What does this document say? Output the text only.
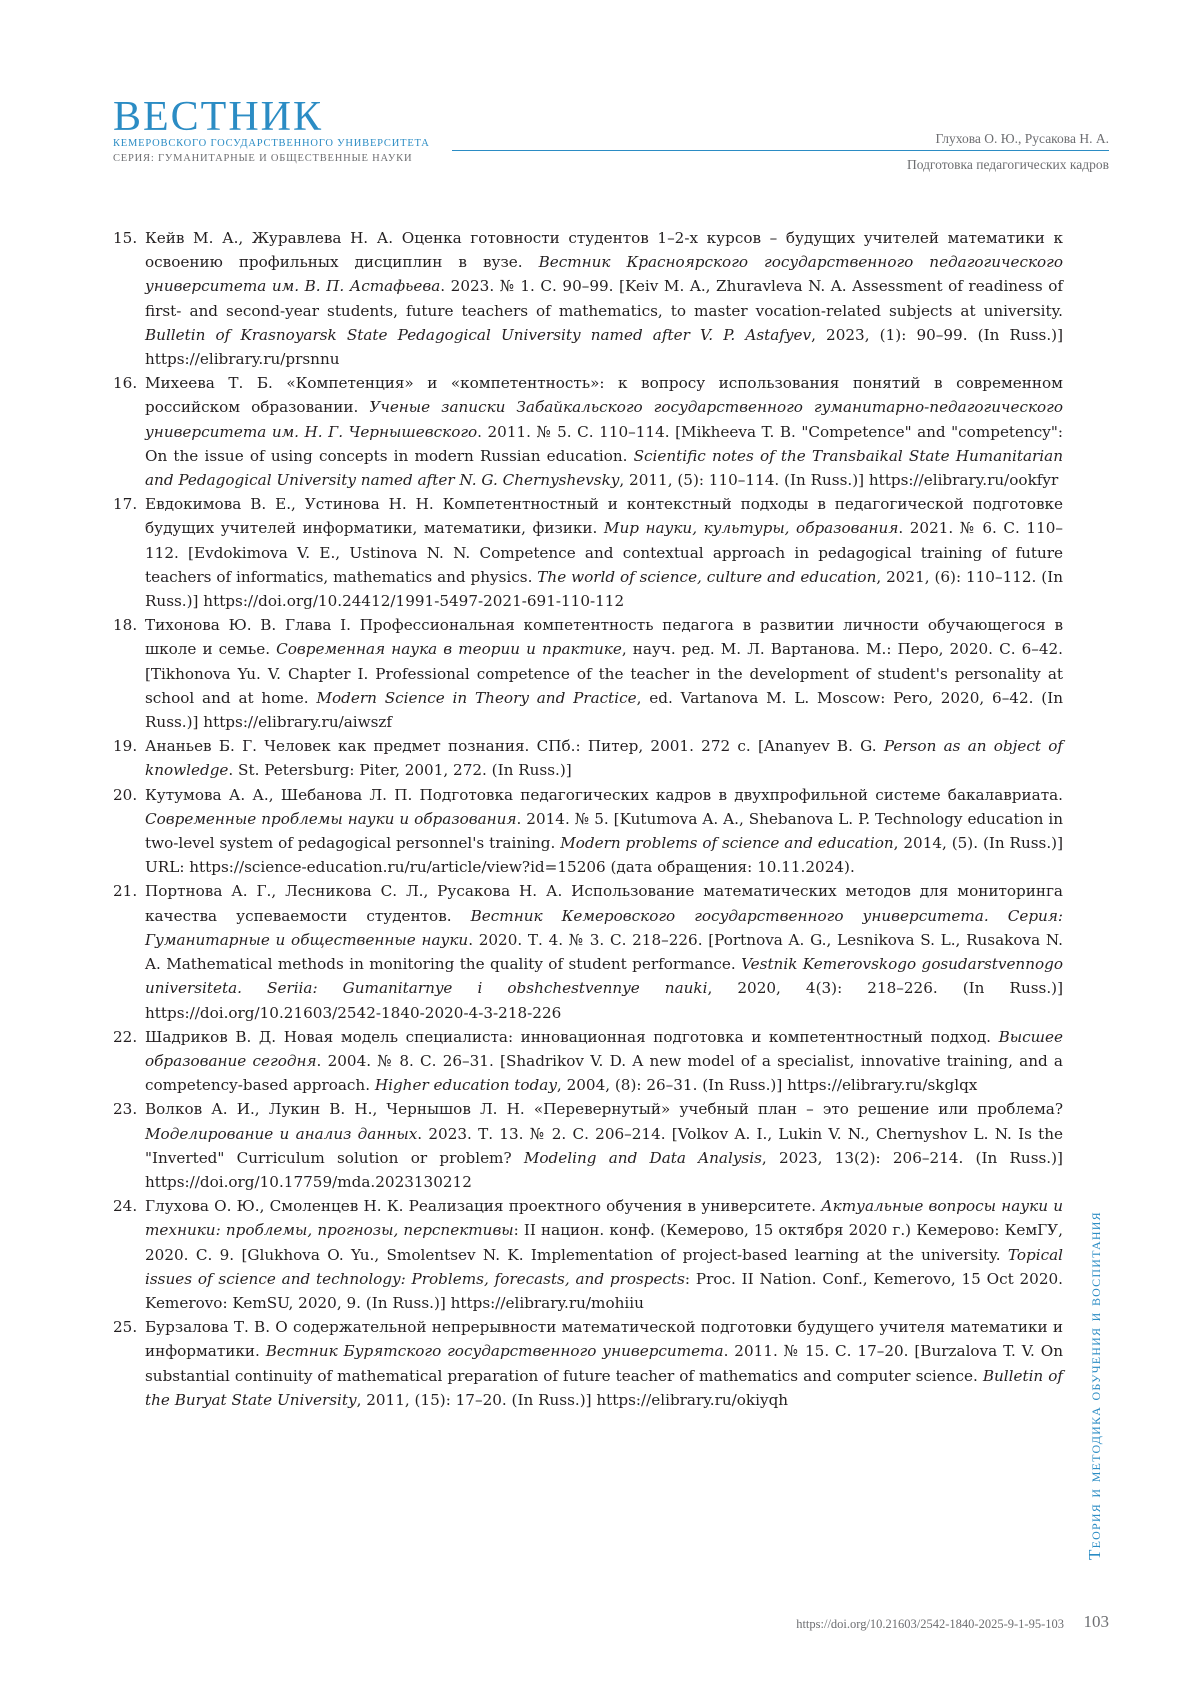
ВЕСТНИК
КЕМЕРОВСКОГО ГОСУДАРСТВЕННОГО УНИВЕРСИТЕТА
СЕРИЯ: ГУМАНИТАРНЫЕ И ОБЩЕСТВЕННЫЕ НАУКИ
Глухова О. Ю., Русакова Н. А.
Подготовка педагогических кадров
15. Кейв М. А., Журавлева Н. А. Оценка готовности студентов 1–2-х курсов – будущих учителей математики к освоению профильных дисциплин в вузе. Вестник Красноярского государственного педагогического университета им. В. П. Астафьева. 2023. № 1. С. 90–99. [Keiv M. A., Zhuravleva N. A. Assessment of readiness of first- and second-year students, future teachers of mathematics, to master vocation-related subjects at university. Bulletin of Krasnoyarsk State Pedagogical University named after V. P. Astafyev, 2023, (1): 90–99. (In Russ.)] https://elibrary.ru/prsnnu
16. Михеева Т. Б. «Компетенция» и «компетентность»: к вопросу использования понятий в современном российском образовании. Ученые записки Забайкальского государственного гуманитарно-педагогического университета им. Н. Г. Чернышевского. 2011. № 5. С. 110–114. [Mikheeva T. B. "Competence" and "competency": On the issue of using concepts in modern Russian education. Scientific notes of the Transbaikal State Humanitarian and Pedagogical University named after N. G. Chernyshevsky, 2011, (5): 110–114. (In Russ.)] https://elibrary.ru/ookfyr
17. Евдокимова В. Е., Устинова Н. Н. Компетентностный и контекстный подходы в педагогической подготовке будущих учителей информатики, математики, физики. Мир науки, культуры, образования. 2021. № 6. С. 110–112. [Evdokimova V. E., Ustinova N. N. Competence and contextual approach in pedagogical training of future teachers of informatics, mathematics and physics. The world of science, culture and education, 2021, (6): 110–112. (In Russ.)] https://doi.org/10.24412/1991-5497-2021-691-110-112
18. Тихонова Ю. В. Глава I. Профессиональная компетентность педагога в развитии личности обучающегося в школе и семье. Современная наука в теории и практике, науч. ред. М. Л. Вартанова. М.: Перо, 2020. С. 6–42. [Tikhonova Yu. V. Chapter I. Professional competence of the teacher in the development of student's personality at school and at home. Modern Science in Theory and Practice, ed. Vartanova M. L. Moscow: Pero, 2020, 6–42. (In Russ.)] https://elibrary.ru/aiwszf
19. Ананьев Б. Г. Человек как предмет познания. СПб.: Питер, 2001. 272 с. [Ananyev B. G. Person as an object of knowledge. St. Petersburg: Piter, 2001, 272. (In Russ.)]
20. Кутумова А. А., Шебанова Л. П. Подготовка педагогических кадров в двухпрофильной системе бакалавриата. Современные проблемы науки и образования. 2014. № 5. [Kutumova A. A., Shebanova L. P. Technology education in two-level system of pedagogical personnel's training. Modern problems of science and education, 2014, (5). (In Russ.)] URL: https://science-education.ru/ru/article/view?id=15206 (дата обращения: 10.11.2024).
21. Портнова А. Г., Лесникова С. Л., Русакова Н. А. Использование математических методов для мониторинга качества успеваемости студентов. Вестник Кемеровского государственного университета. Серия: Гуманитарные и общественные науки. 2020. Т. 4. № 3. С. 218–226. [Portnova A. G., Lesnikova S. L., Rusakova N. A. Mathematical methods in monitoring the quality of student performance. Vestnik Kemerovskogo gosudarstvennogo universiteta. Seriia: Gumanitarnye i obshchestvennye nauki, 2020, 4(3): 218–226. (In Russ.)] https://doi.org/10.21603/2542-1840-2020-4-3-218-226
22. Шадриков В. Д. Новая модель специалиста: инновационная подготовка и компетентностный подход. Высшее образование сегодня. 2004. № 8. С. 26–31. [Shadrikov V. D. A new model of a specialist, innovative training, and a competency-based approach. Higher education today, 2004, (8): 26–31. (In Russ.)] https://elibrary.ru/skglqx
23. Волков А. И., Лукин В. Н., Чернышов Л. Н. «Перевернутый» учебный план – это решение или проблема? Моделирование и анализ данных. 2023. Т. 13. № 2. С. 206–214. [Volkov A. I., Lukin V. N., Chernyshov L. N. Is the "Inverted" Curriculum solution or problem? Modeling and Data Analysis, 2023, 13(2): 206–214. (In Russ.)] https://doi.org/10.17759/mda.2023130212
24. Глухова О. Ю., Смоленцев Н. К. Реализация проектного обучения в университете. Актуальные вопросы науки и техники: проблемы, прогнозы, перспективы: II национ. конф. (Кемерово, 15 октября 2020 г.) Кемерово: КемГУ, 2020. С. 9. [Glukhova O. Yu., Smolentsev N. K. Implementation of project-based learning at the university. Topical issues of science and technology: Problems, forecasts, and prospects: Proc. II Nation. Conf., Kemerovo, 15 Oct 2020. Kemerovo: KemSU, 2020, 9. (In Russ.)] https://elibrary.ru/mohiiu
25. Бурзалова Т. В. О содержательной непрерывности математической подготовки будущего учителя математики и информатики. Вестник Бурятского государственного университета. 2011. № 15. С. 17–20. [Burzalova T. V. On substantial continuity of mathematical preparation of future teacher of mathematics and computer science. Bulletin of the Buryat State University, 2011, (15): 17–20. (In Russ.)] https://elibrary.ru/okiyqh	Теория и методика обучения и воспитания
https://doi.org/10.21603/2542-1840-2025-9-1-95-103 103
